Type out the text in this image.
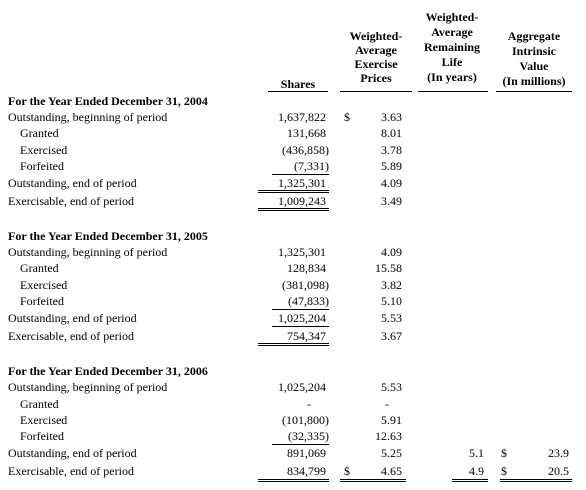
Shares
Weighted-
Average
Exercise
Prices
Weighted-
Average
Remaining
Life
(In years)
Aggregate
Intrinsic
Value
(In millions)
For the Year Ended December 31, 2004
Outstanding, beginning of period	1,637,822 $	3.63
Granted	131,668	8.01
Exercised	(436,858)	3.78
Forfeited	(7,331)	5.89
Outstanding, end of period	1,325,301	4.09
Exercisable, end of period	1,009,243	3.49
For the Year Ended December 31, 2005
Outstanding, beginning of period	1,325,301	4.09
Granted	128,834	15.58
Exercised	(381,098)	3.82
Forfeited	(47,833)	5.10
Outstanding, end of period	1,025,204	5.53
Exercisable, end of period	754,347	3.67
For the Year Ended December 31, 2006
Outstanding, beginning of period	1,025,204	5.53
Granted	-	-
Exercised	(101,800)	5.91
Forfeited	(32,335)	12.63
Outstanding, end of period	891,069	5.25	5.1 $	23.9
Exercisable, end of period	834,799 $	4.65	4.9 $	20.5
